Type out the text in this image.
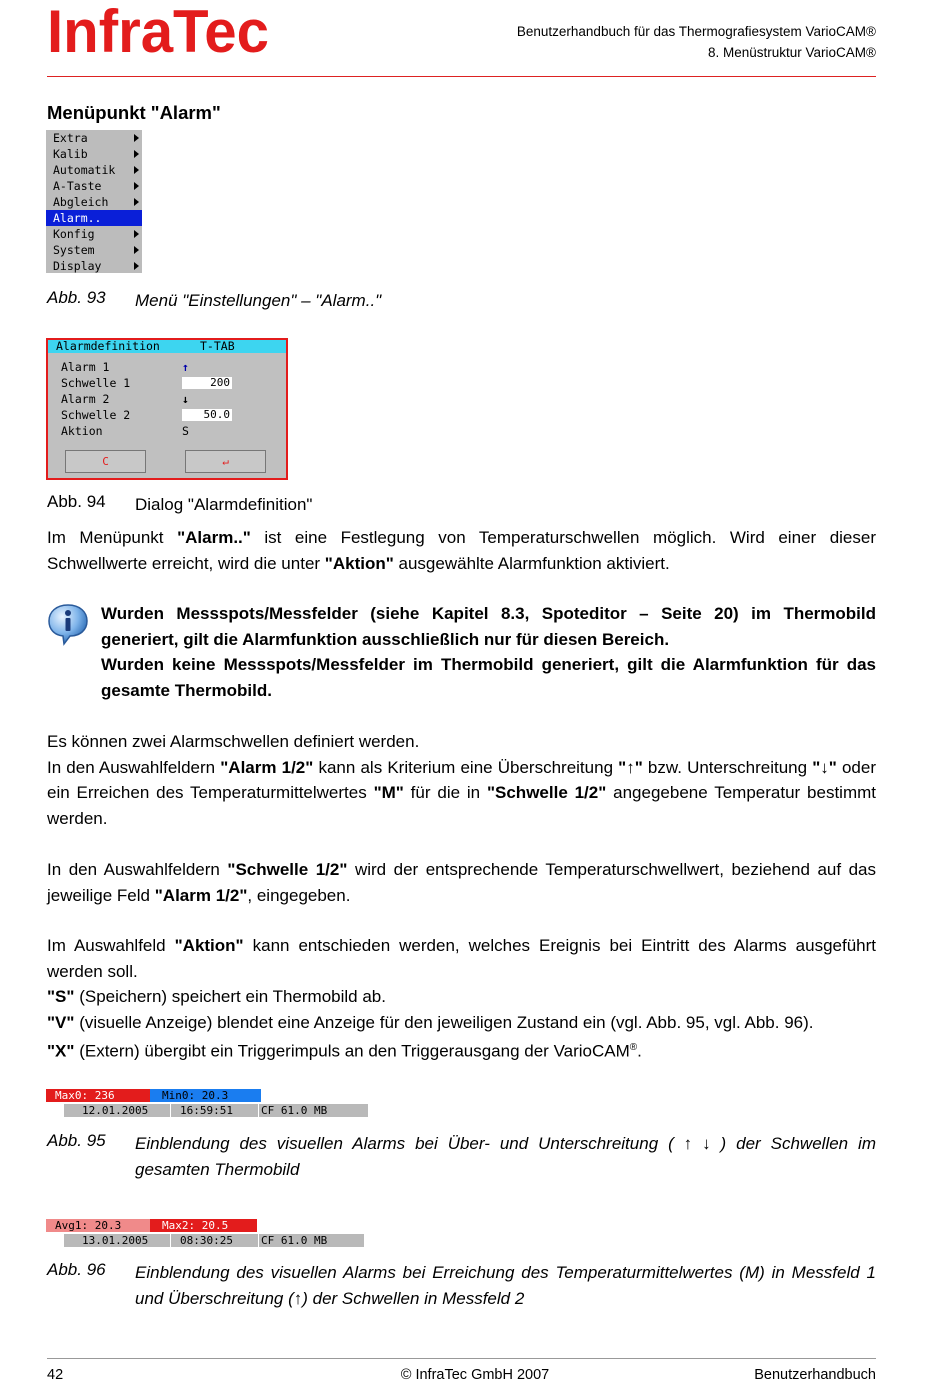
InfraTec	Benutzerhandbuch für das Thermografiesystem VarioCAM®
8. Menüstruktur VarioCAM®
Menüpunkt "Alarm"
Extra
Kalib
Automatik
A-Taste
Abgleich
Alarm..
Konfig
System
Display
Abb. 93 Menü "Einstellungen" – "Alarm.."
Alarmdefinition	T-TAB
Alarm 1	↑
Schwelle 1	200
Alarm 2	↓
Schwelle 2	50.0
Aktion	S
C	↵
Abb. 94 Dialog "Alarmdefinition"
Im Menüpunkt "Alarm.." ist eine Festlegung von Temperaturschwellen möglich. Wird einer dieser Schwellwerte erreicht, wird die unter "Aktion" ausgewählte Alarmfunktion aktiviert.
Wurden Messspots/Messfelder (siehe Kapitel 8.3, Spoteditor – Seite 20) im Thermobild generiert, gilt die Alarmfunktion ausschließlich nur für diesen Bereich.
Wurden keine Messspots/Messfelder im Thermobild generiert, gilt die Alarmfunktion für das gesamte Thermobild.
Es können zwei Alarmschwellen definiert werden.
In den Auswahlfeldern "Alarm 1/2" kann als Kriterium eine Überschreitung "↑" bzw. Unterschreitung "↓" oder ein Erreichen des Temperaturmittelwertes "M" für die in "Schwelle 1/2" angegebene Temperatur bestimmt werden.
In den Auswahlfeldern "Schwelle 1/2" wird der entsprechende Temperaturschwellwert, beziehend auf das jeweilige Feld "Alarm 1/2", eingegeben.
Im Auswahlfeld "Aktion" kann entschieden werden, welches Ereignis bei Eintritt des Alarms ausgeführt werden soll.
"S" (Speichern) speichert ein Thermobild ab.
"V" (visuelle Anzeige) blendet eine Anzeige für den jeweiligen Zustand ein (vgl. Abb. 95, vgl. Abb. 96).
"X" (Extern) übergibt ein Triggerimpuls an den Triggerausgang der VarioCAM®.
Max0: 236	Min0: 20.3
12.01.2005	16:59:51	CF 61.0 MB
Abb. 95 Einblendung des visuellen Alarms bei Über- und Unterschreitung ( ↑ ↓ ) der Schwellen im gesamten Thermobild
Avg1: 20.3	Max2: 20.5
13.01.2005	08:30:25	CF 61.0 MB
Abb. 96 Einblendung des visuellen Alarms bei Erreichung des Temperaturmittelwertes (M) in Messfeld 1 und Überschreitung (↑) der Schwellen in Messfeld 2
42	© InfraTec GmbH 2007	Benutzerhandbuch
